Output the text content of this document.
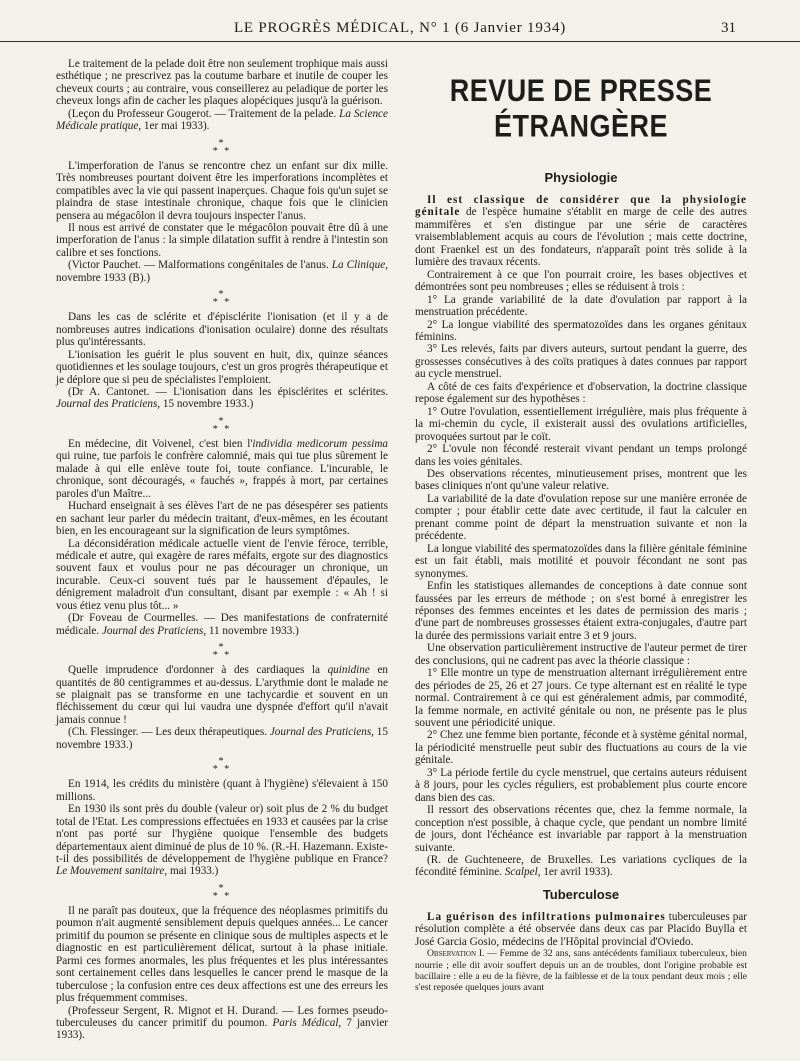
LE PROGRÈS MÉDICAL, N° 1 (6 Janvier 1934)	31

Le traitement de la pelade doit être non seulement trophique mais aussi esthétique ; ne prescrivez pas la coutume barbare et inutile de couper les cheveux courts ; au contraire, vous conseillerez au peladique de porter les cheveux longs afin de cacher les plaques alopéciques jusqu'à la guérison.

(Leçon du Professeur Gougerot. — Traitement de la pelade. La Science Médicale pratique, 1er mai 1933).

*
* *

L'imperforation de l'anus se rencontre chez un enfant sur dix mille. Très nombreuses pourtant doivent être les imperforations incomplètes et compatibles avec la vie qui passent inaperçues. Chaque fois qu'un sujet se plaindra de stase intestinale chronique, chaque fois que le clinicien pensera au mégacôlon il devra toujours inspecter l'anus.

Il nous est arrivé de constater que le mégacôlon pouvait être dû à une imperforation de l'anus : la simple dilatation suffit à rendre à l'intestin son calibre et ses fonctions.

(Victor Pauchet. — Malformations congénitales de l'anus. La Clinique, novembre 1933 (B).)

*
* *

Dans les cas de sclérite et d'épisclérite l'ionisation (et il y a de nombreuses autres indications d'ionisation oculaire) donne des résultats plus qu'intéressants.

L'ionisation les guérit le plus souvent en huit, dix, quinze séances quotidiennes et les soulage toujours, c'est un gros progrès thérapeutique et je déplore que si peu de spécialistes l'emploient.

(Dr A. Cantonet. — L'ionisation dans les épisclérites et sclérites. Journal des Praticiens, 15 novembre 1933.)

*
* *

En médecine, dit Voivenel, c'est bien l'individia medicorum pessima qui ruine, tue parfois le confrère calomnié, mais qui tue plus sûrement le malade à qui elle enlève toute foi, toute confiance. L'incurable, le chronique, sont découragés, « fauchés », frappés à mort, par certaines paroles d'un Maître...

Huchard enseignait à ses élèves l'art de ne pas désespérer ses patients en sachant leur parler du médecin traitant, d'eux-mêmes, en les écoutant bien, en les encourageant sur la signification de leurs symptômes.

La déconsidération médicale actuelle vient de l'envie féroce, terrible, médicale et autre, qui exagère de rares méfaits, ergote sur des diagnostics souvent faux et voulus pour ne pas décourager un chronique, un incurable. Ceux-ci souvent tués par le haussement d'épaules, le dénigrement maladroit d'un consultant, disant par exemple : « Ah ! si vous étiez venu plus tôt... »

(Dr Foveau de Courmelles. — Des manifestations de confraternité médicale. Journal des Praticiens, 11 novembre 1933.)

*
* *

Quelle imprudence d'ordonner à des cardiaques la quinidine en quantités de 80 centigrammes et au-dessus. L'arythmie dont le malade ne se plaignait pas se transforme en une tachycardie et souvent en un fléchissement du cœur qui lui vaudra une dyspnée d'effort qu'il n'avait jamais connue !

(Ch. Flessinger. — Les deux thérapeutiques. Journal des Praticiens, 15 novembre 1933.)

*
* *

En 1914, les crédits du ministère (quant à l'hygiène) s'élevaient à 150 millions.

En 1930 ils sont près du double (valeur or) soit plus de 2 % du budget total de l'Etat. Les compressions effectuées en 1933 et causées par la crise n'ont pas porté sur l'hygiène quoique l'ensemble des budgets départementaux aient diminué de plus de 10 %. (R.-H. Hazemann. Existe-t-il des possibilités de développement de l'hygiène publique en France? Le Mouvement sanitaire, mai 1933.)

*
* *

Il ne paraît pas douteux, que la fréquence des néoplasmes primitifs du poumon n'ait augmenté sensiblement depuis quelques années... Le cancer primitif du poumon se présente en clinique sous de multiples aspects et le diagnostic en est particulièrement délicat, surtout à la phase initiale. Parmi ces formes anormales, les plus fréquentes et les plus intéressantes sont certainement celles dans lesquelles le cancer prend le masque de la tuberculose ; la confusion entre ces deux affections est une des erreurs les plus fréquemment commises.

(Professeur Sergent, R. Mignot et H. Durand. — Les formes pseudo-tuberculeuses du cancer primitif du poumon. Paris Médical, 7 janvier 1933).

REVUE DE PRESSE ÉTRANGÈRE
Physiologie

Il est classique de considérer que la physiologie génitale de l'espèce humaine s'établit en marge de celle des autres mammifères et s'en distingue par une série de caractères vraisemblablement acquis au cours de l'évolution ; mais cette doctrine, dont Fraenkel est un des fondateurs, n'apparaît point très solide à la lumière des travaux récents.

Contrairement à ce que l'on pourrait croire, les bases objectives et démontrées sont peu nombreuses ; elles se réduisent à trois :

1° La grande variabilité de la date d'ovulation par rapport à la menstruation précédente.

2° La longue viabilité des spermatozoïdes dans les organes génitaux féminins.

3° Les relevés, faits par divers auteurs, surtout pendant la guerre, des grossesses consécutives à des coïts pratiques à dates connues par rapport au cycle menstruel.

A côté de ces faits d'expérience et d'observation, la doctrine classique repose également sur des hypothèses :

1° Outre l'ovulation, essentiellement irrégulière, mais plus fréquente à la mi-chemin du cycle, il existerait aussi des ovulations artificielles, provoquées surtout par le coït.

2° L'ovule non fécondé resterait vivant pendant un temps prolongé dans les voies génitales.

Des observations récentes, minutieusement prises, montrent que les bases cliniques n'ont qu'une valeur relative.

La variabilité de la date d'ovulation repose sur une manière erronée de compter ; pour établir cette date avec certitude, il faut la calculer en prenant comme point de départ la menstruation suivante et non la précédente.

La longue viabilité des spermatozoïdes dans la filière génitale féminine est un fait établi, mais motilité et pouvoir fécondant ne sont pas synonymes.

Enfin les statistiques allemandes de conceptions à date connue sont faussées par les erreurs de méthode ; on s'est borné à enregistrer les réponses des femmes enceintes et les dates de permission des maris ; d'une part de nombreuses grossesses étaient extra-conjugales, d'autre part la durée des permissions variait entre 3 et 9 jours.

Une observation particulièrement instructive de l'auteur permet de tirer des conclusions, qui ne cadrent pas avec la théorie classique :

1° Elle montre un type de menstruation alternant irrégulièrement entre des périodes de 25, 26 et 27 jours. Ce type alternant est en réalité le type normal. Contrairement à ce qui est généralement admis, par commodité, la femme normale, en activité génitale ou non, ne présente pas le plus souvent une périodicité unique.

2° Chez une femme bien portante, féconde et à système génital normal, la périodicité menstruelle peut subir des fluctuations au cours de la vie génitale.

3° La période fertile du cycle menstruel, que certains auteurs réduisent à 8 jours, pour les cycles réguliers, est probablement plus courte encore dans bien des cas.

Il ressort des observations récentes que, chez la femme normale, la conception n'est possible, à chaque cycle, que pendant un nombre limité de jours, dont l'échéance est invariable par rapport à la menstruation suivante.

(R. de Guchteneere, de Bruxelles. Les variations cycliques de la fécondité féminine. Scalpel, 1er avril 1933).

Tuberculose

La guérison des infiltrations pulmonaires tuberculeuses par résolution complète a été observée dans deux cas par Placido Buylla et José Garcia Gosio, médecins de l'Hôpital provincial d'Oviedo.

Observation I. — Femme de 32 ans, sans antécédents familiaux tuberculeux, bien nourrie ; elle dit avoir souffert depuis un an de troubles, dont l'origine probable est bacillaire : elle a eu de la fièvre, de la faiblesse et de la toux pendant deux mois ; elle s'est reposée quelques jours avant
